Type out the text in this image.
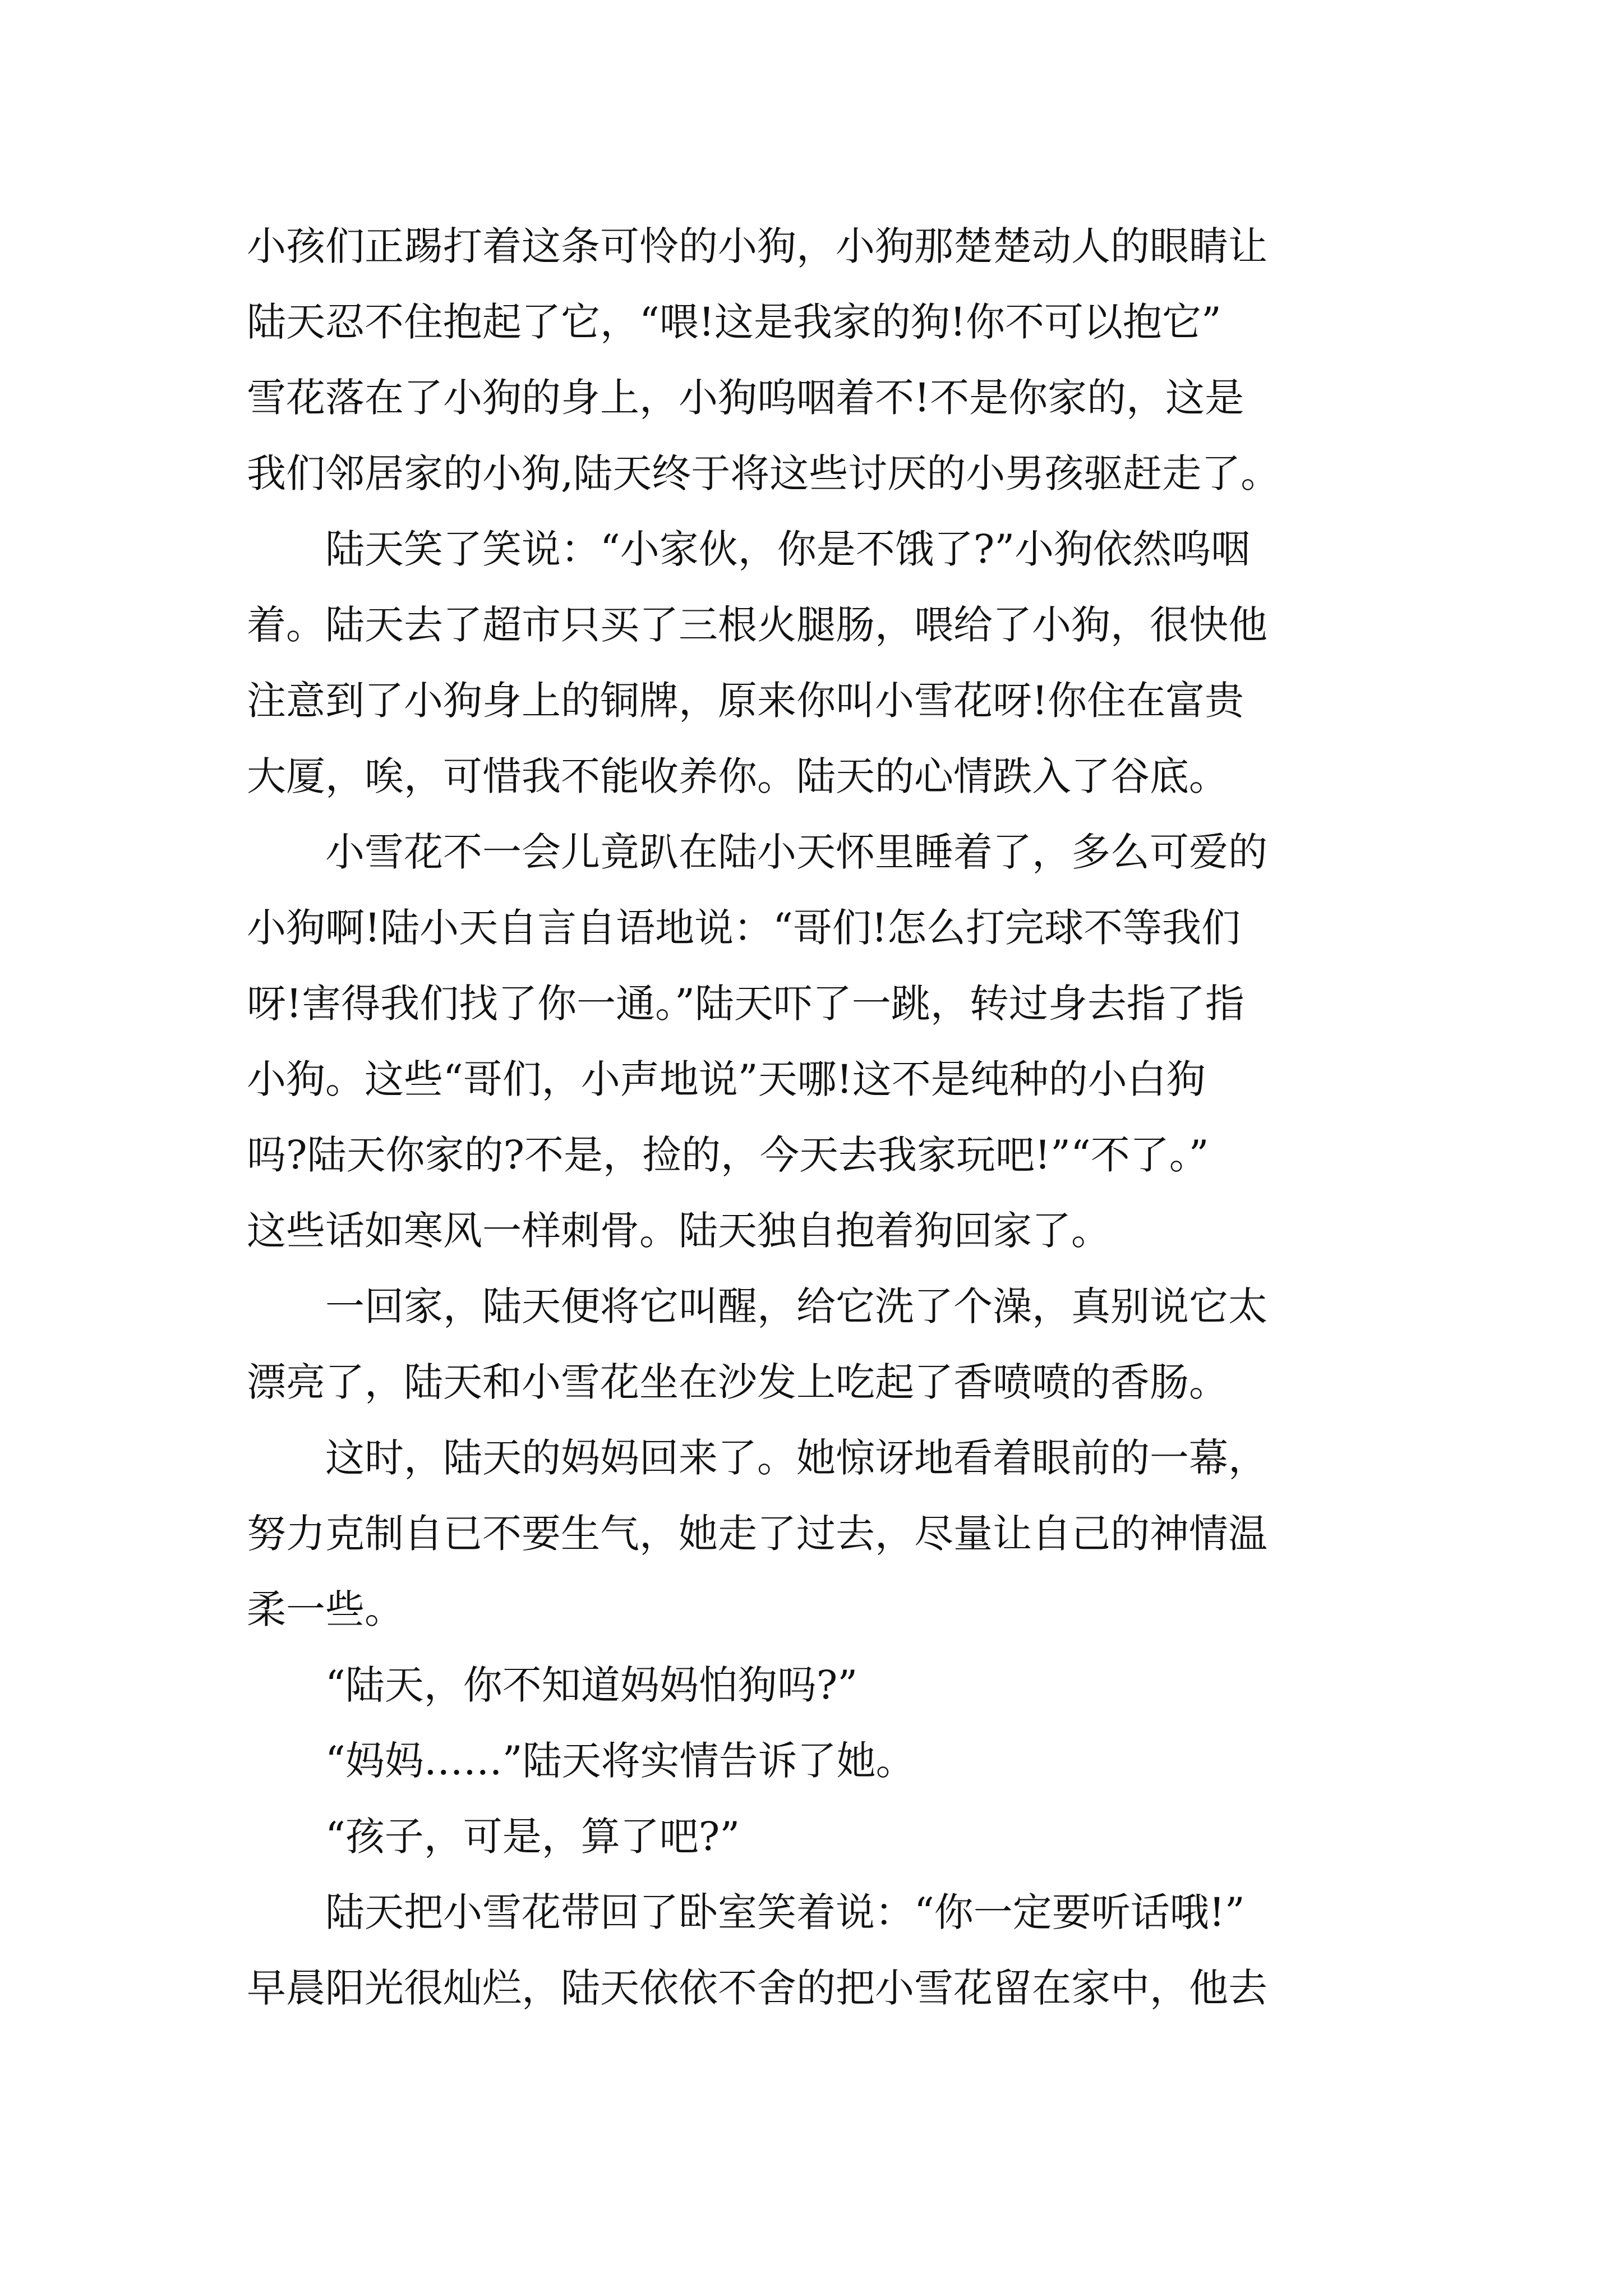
小孩们正踢打着这条可怜的小狗，小狗那楚楚动人的眼睛让
陆天忍不住抱起了它，“喂!这是我家的狗!你不可以抱它”
雪花落在了小狗的身上，小狗呜咽着不!不是你家的，这是
我们邻居家的小狗,陆天终于将这些讨厌的小男孩驱赶走了。
　　陆天笑了笑说：“小家伙，你是不饿了?”小狗依然呜咽
着。陆天去了超市只买了三根火腿肠，喂给了小狗，很快他
注意到了小狗身上的铜牌，原来你叫小雪花呀!你住在富贵
大厦，唉，可惜我不能收养你。陆天的心情跌入了谷底。
　　小雪花不一会儿竟趴在陆小天怀里睡着了，多么可爱的
小狗啊!陆小天自言自语地说：“哥们!怎么打完球不等我们
呀!害得我们找了你一通。”陆天吓了一跳，转过身去指了指
小狗。这些“哥们，小声地说”天哪!这不是纯种的小白狗
吗?陆天你家的?不是，捡的，今天去我家玩吧!”“不了。”
这些话如寒风一样刺骨。陆天独自抱着狗回家了。
　　一回家，陆天便将它叫醒，给它洗了个澡，真别说它太
漂亮了，陆天和小雪花坐在沙发上吃起了香喷喷的香肠。
　　这时，陆天的妈妈回来了。她惊讶地看着眼前的一幕，
努力克制自已不要生气，她走了过去，尽量让自己的神情温
柔一些。
　　“陆天，你不知道妈妈怕狗吗?”
　　“妈妈……”陆天将实情告诉了她。
　　“孩子，可是，算了吧?”
　　陆天把小雪花带回了卧室笑着说：“你一定要听话哦!”
早晨阳光很灿烂，陆天依依不舍的把小雪花留在家中，他去
